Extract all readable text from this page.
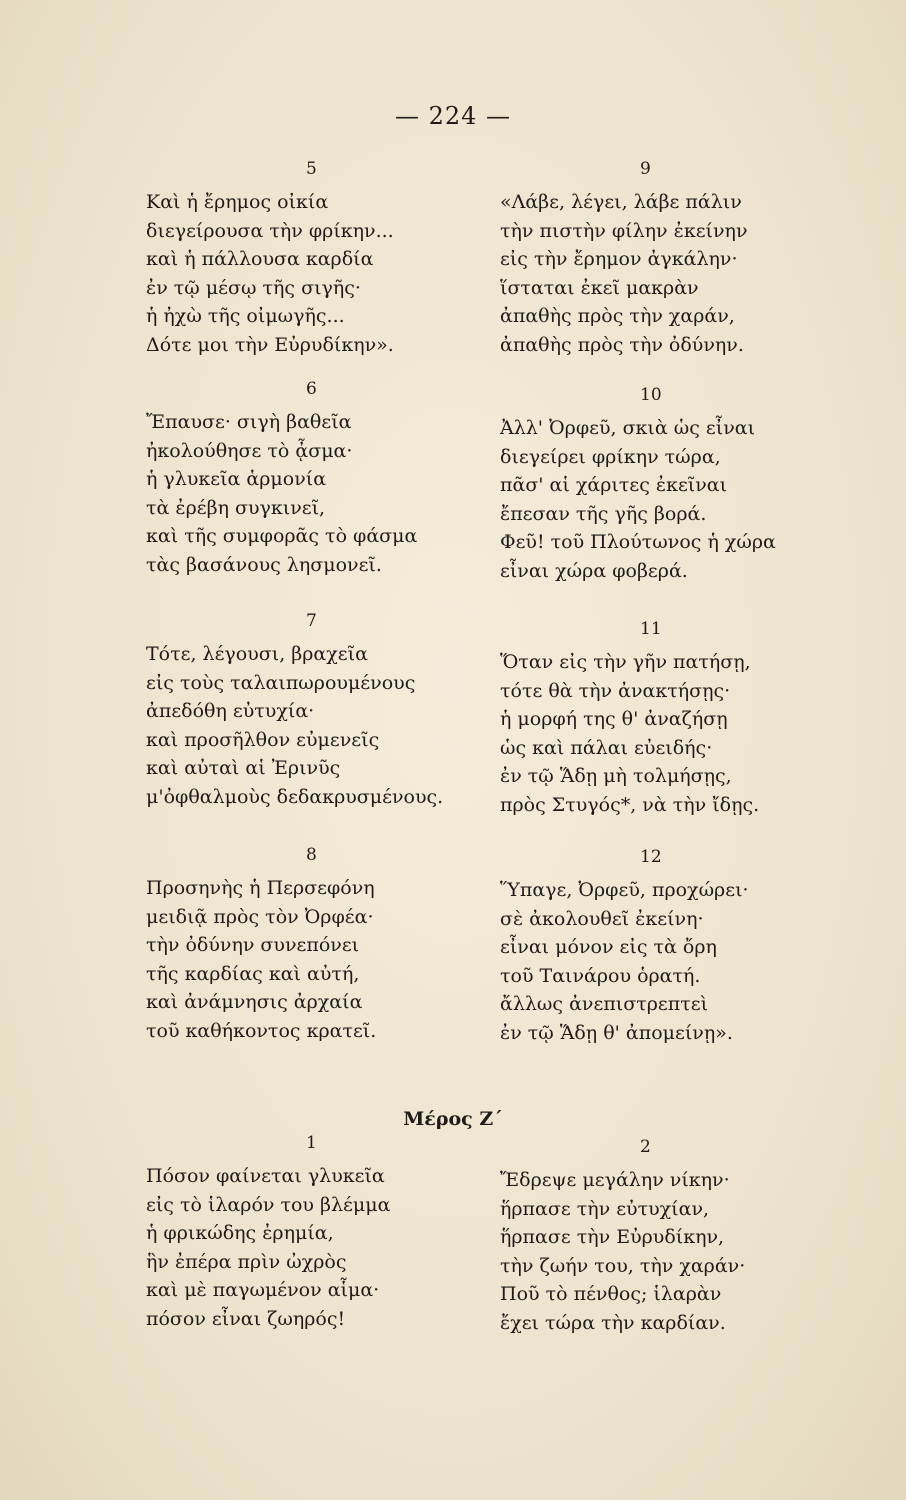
— 224 —
5
Καὶ ἡ ἔρημος οἰκία
διεγείρουσα τὴν φρίκην...
καὶ ἡ πάλλουσα καρδία
ἐν τῷ μέσῳ τῆς σιγῆς·
ἡ ἠχὼ τῆς οἰμωγῆς...
Δότε μοι τὴν Εὐρυδίκην».
6
Ἔπαυσε· σιγὴ βαθεῖα
ἠκολούθησε τὸ ᾆσμα·
ἡ γλυκεῖα ἁρμονία
τὰ ἐρέβη συγκινεῖ,
καὶ τῆς συμφορᾶς τὸ φάσμα
τὰς βασάνους λησμονεῖ.
7
Τότε, λέγουσι, βραχεῖα
εἰς τοὺς ταλαιπωρουμένους
ἀπεδόθη εὐτυχία·
καὶ προσῆλθον εὐμενεῖς
καὶ αὐταὶ αἱ Ἐρινῦς
μ'ὀφθαλμοὺς δεδακρυσμένους.
8
Προσηνὴς ἡ Περσεφόνη
μειδιᾷ πρὸς τὸν Ὀρφέα·
τὴν ὀδύνην συνεπόνει
τῆς καρδίας καὶ αὐτή,
καὶ ἀνάμνησις ἀρχαία
τοῦ καθήκοντος κρατεῖ.
9
«Λάβε, λέγει, λάβε πάλιν
τὴν πιστὴν φίλην ἐκείνην
εἰς τὴν ἔρημον ἀγκάλην·
ἵσταται ἐκεῖ μακρὰν
ἀπαθὴς πρὸς τὴν χαράν,
ἀπαθὴς πρὸς τὴν ὀδύνην.
10
Ἀλλ' Ὀρφεῦ, σκιὰ ὡς εἶναι
διεγείρει φρίκην τώρα,
πᾶσ' αἱ χάριτες ἐκεῖναι
ἔπεσαν τῆς γῆς βορά.
Φεῦ! τοῦ Πλούτωνος ἡ χώρα
εἶναι χώρα φοβερά.
11
Ὅταν εἰς τὴν γῆν πατήσῃ,
τότε θὰ τὴν ἀνακτήσῃς·
ἡ μορφή της θ' ἀναζήσῃ
ὡς καὶ πάλαι εὐειδής·
ἐν τῷ Ἅδῃ μὴ τολμήσῃς,
πρὸς Στυγός*, νὰ τὴν ἴδῃς.
12
Ὕπαγε, Ὀρφεῦ, προχώρει·
σὲ ἀκολουθεῖ ἐκείνη·
εἶναι μόνον εἰς τὰ ὄρη
τοῦ Ταινάρου ὁρατή.
ἄλλως ἀνεπιστρεπτεὶ
ἐν τῷ Ἅδῃ θ' ἀπομείνῃ».
Μέρος Ζ΄
1
Πόσον φαίνεται γλυκεῖα
εἰς τὸ ἱλαρόν του βλέμμα
ἡ φρικώδης ἐρημία,
ἣν ἐπέρα πρὶν ὠχρὸς
καὶ μὲ παγωμένον αἷμα·
πόσον εἶναι ζωηρός!
2
Ἔδρεψε μεγάλην νίκην·
ἥρπασε τὴν εὐτυχίαν,
ἥρπασε τὴν Εὐρυδίκην,
τὴν ζωήν του, τὴν χαράν·
Ποῦ τὸ πένθος; ἱλαρὰν
ἔχει τώρα τὴν καρδίαν.
